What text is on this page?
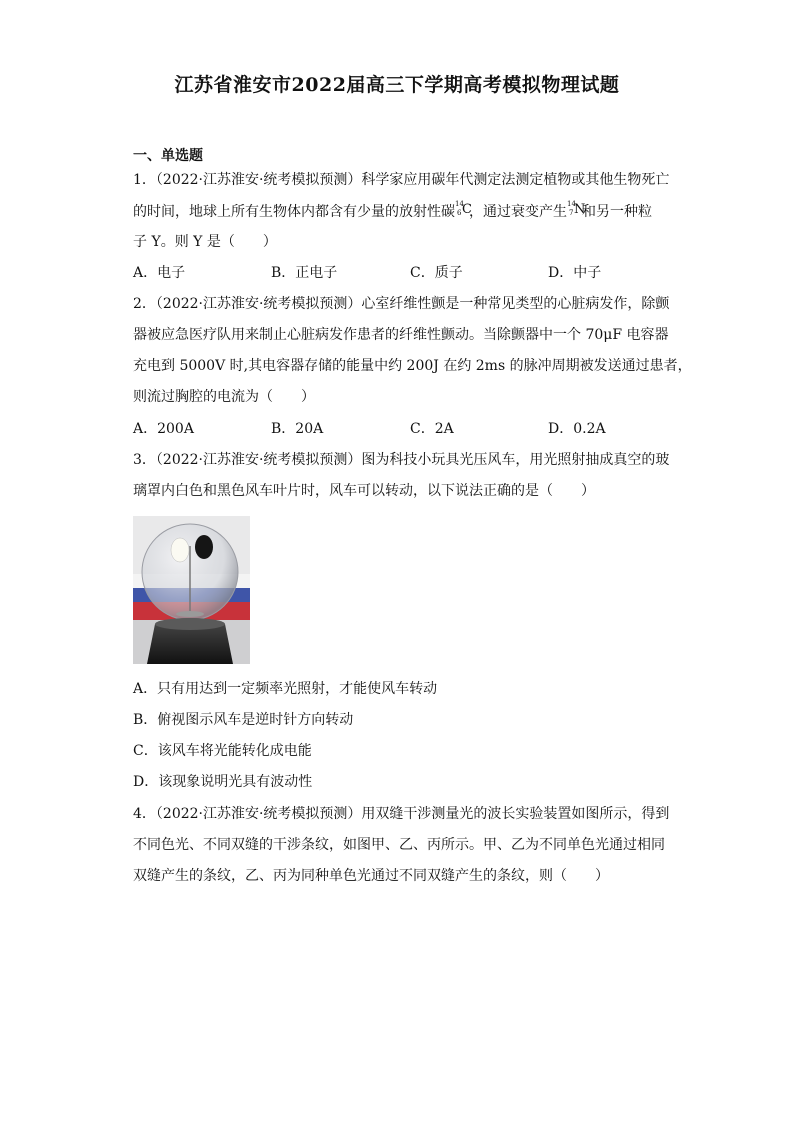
江苏省淮安市2022届高三下学期高考模拟物理试题
一、单选题
1．（2022·江苏淮安·统考模拟预测）科学家应用碳年代测定法测定植物或其他生物死亡
的时间，地球上所有生物体内都含有少量的放射性碳 14
6 C
，通过衰变产生 14
7 N
和另一种粒
子 Y。则 Y 是（　　）
A．电子	B．正电子	C．质子	D．中子
2．（2022·江苏淮安·统考模拟预测）心室纤维性颤是一种常见类型的心脏病发作，除颤
器被应急医疗队用来制止心脏病发作患者的纤维性颤动。当除颤器中一个 70μF 电容器
充电到 5000V 时,其电容器存储的能量中约 200J 在约 2ms 的脉冲周期被发送通过患者，
则流过胸腔的电流为（　　）
A．200A	B．20A	C．2A	D．0.2A
3．（2022·江苏淮安·统考模拟预测）图为科技小玩具光压风车，用光照射抽成真空的玻
璃罩内白色和黑色风车叶片时，风车可以转动，以下说法正确的是（　　）
A．只有用达到一定频率光照射，才能使风车转动
B．俯视图示风车是逆时针方向转动
C．该风车将光能转化成电能
D．该现象说明光具有波动性
4．（2022·江苏淮安·统考模拟预测）用双缝干涉测量光的波长实验装置如图所示，得到
不同色光、不同双缝的干涉条纹，如图甲、乙、丙所示。甲、乙为不同单色光通过相同
双缝产生的条纹，乙、丙为同种单色光通过不同双缝产生的条纹，则（　　）
